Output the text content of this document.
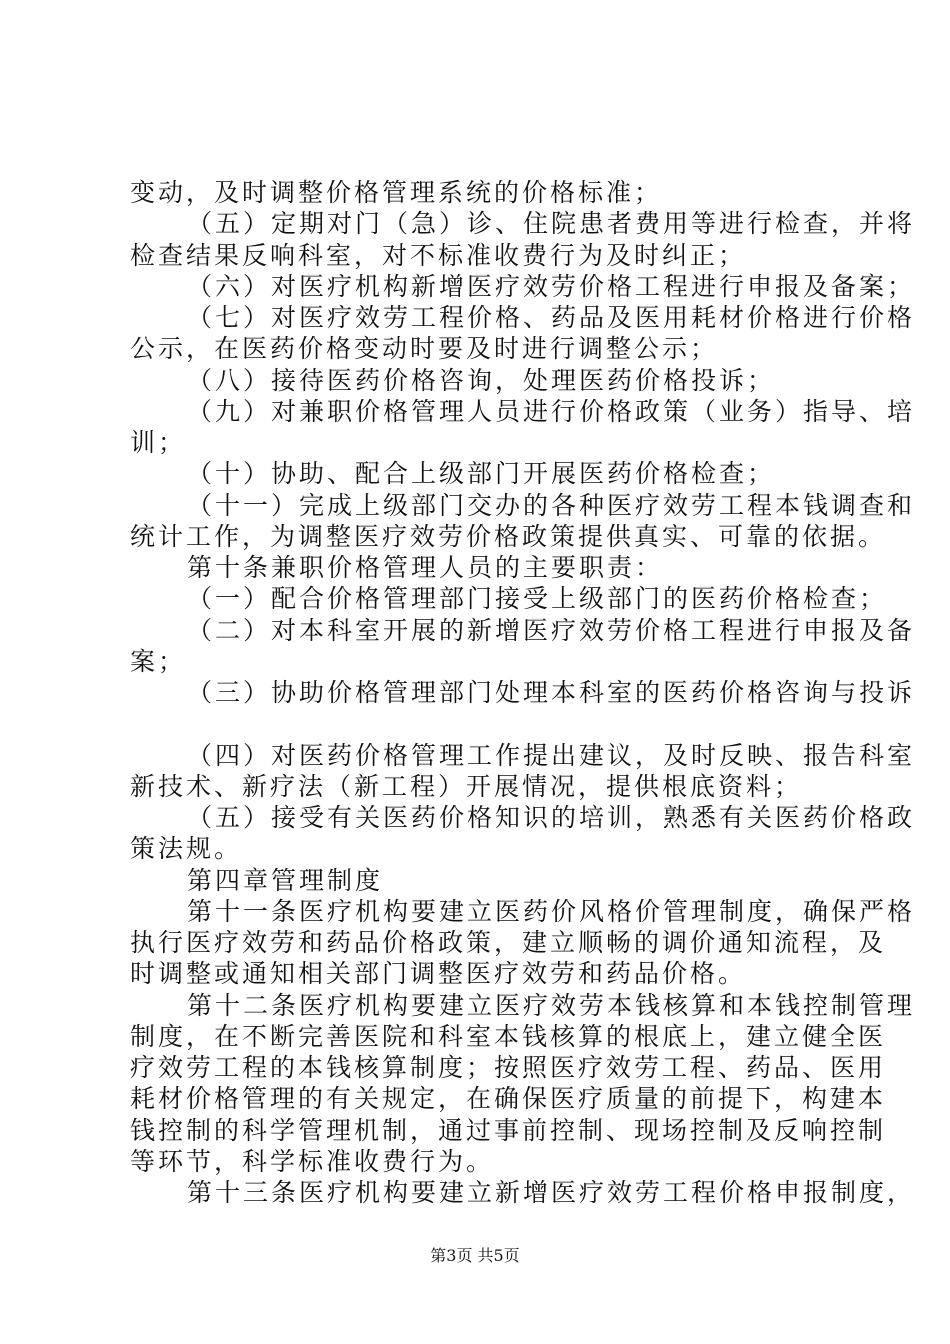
变动，及时调整价格管理系统的价格标准；
（五）定期对门（急）诊、住院患者费用等进行检查，并将
检查结果反响科室，对不标准收费行为及时纠正；
（六）对医疗机构新增医疗效劳价格工程进行申报及备案；
（七）对医疗效劳工程价格、药品及医用耗材价格进行价格
公示，在医药价格变动时要及时进行调整公示；
（八）接待医药价格咨询，处理医药价格投诉；
（九）对兼职价格管理人员进行价格政策（业务）指导、培
训；
（十）协助、配合上级部门开展医药价格检查；
（十一）完成上级部门交办的各种医疗效劳工程本钱调查和
统计工作，为调整医疗效劳价格政策提供真实、可靠的依据。
第十条兼职价格管理人员的主要职责：
（一）配合价格管理部门接受上级部门的医药价格检查；
（二）对本科室开展的新增医疗效劳价格工程进行申报及备
案；
（三）协助价格管理部门处理本科室的医药价格咨询与投诉
（四）对医药价格管理工作提出建议，及时反映、报告科室
新技术、新疗法（新工程）开展情况，提供根底资料；
（五）接受有关医药价格知识的培训，熟悉有关医药价格政
策法规。
第四章管理制度
第十一条医疗机构要建立医药价风格价管理制度，确保严格
执行医疗效劳和药品价格政策，建立顺畅的调价通知流程，及
时调整或通知相关部门调整医疗效劳和药品价格。
第十二条医疗机构要建立医疗效劳本钱核算和本钱控制管理
制度，在不断完善医院和科室本钱核算的根底上，建立健全医
疗效劳工程的本钱核算制度；按照医疗效劳工程、药品、医用
耗材价格管理的有关规定，在确保医疗质量的前提下，构建本
钱控制的科学管理机制，通过事前控制、现场控制及反响控制
等环节，科学标准收费行为。
第十三条医疗机构要建立新增医疗效劳工程价格申报制度，
第3页 共5页
